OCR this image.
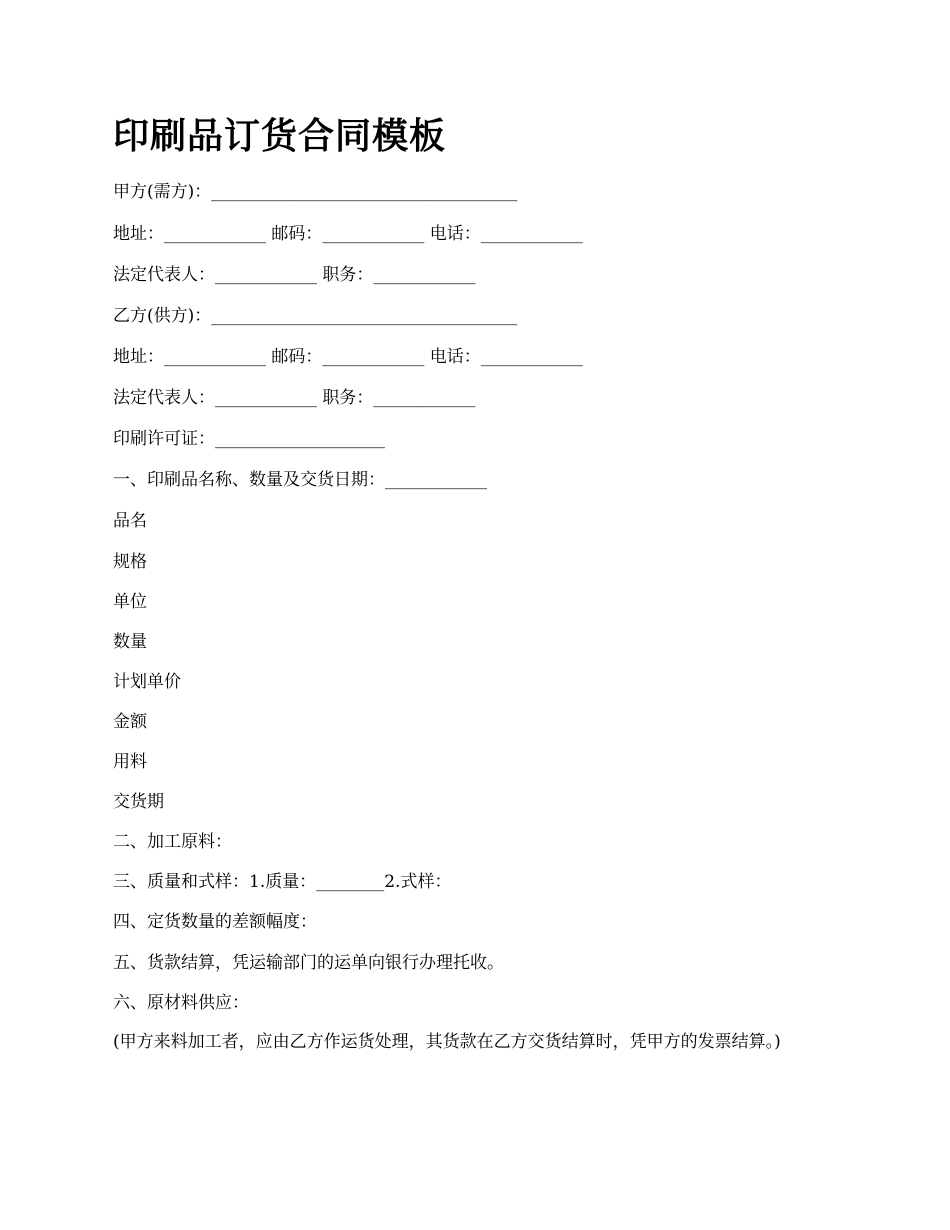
印刷品订货合同模板
甲方(需方)：____________________________________
地址：____________ 邮码：____________ 电话：____________
法定代表人：____________ 职务：____________
乙方(供方)：____________________________________
地址：____________ 邮码：____________ 电话：____________
法定代表人：____________ 职务：____________
印刷许可证：____________________
一、印刷品名称、数量及交货日期：____________
品名
规格
单位
数量
计划单价
金额
用料
交货期
二、加工原料：
三、质量和式样：1.质量：________2.式样：
四、定货数量的差额幅度：
五、货款结算，凭运输部门的运单向银行办理托收。
六、原材料供应：
(甲方来料加工者，应由乙方作运货处理，其货款在乙方交货结算时，凭甲方的发票结算。)
